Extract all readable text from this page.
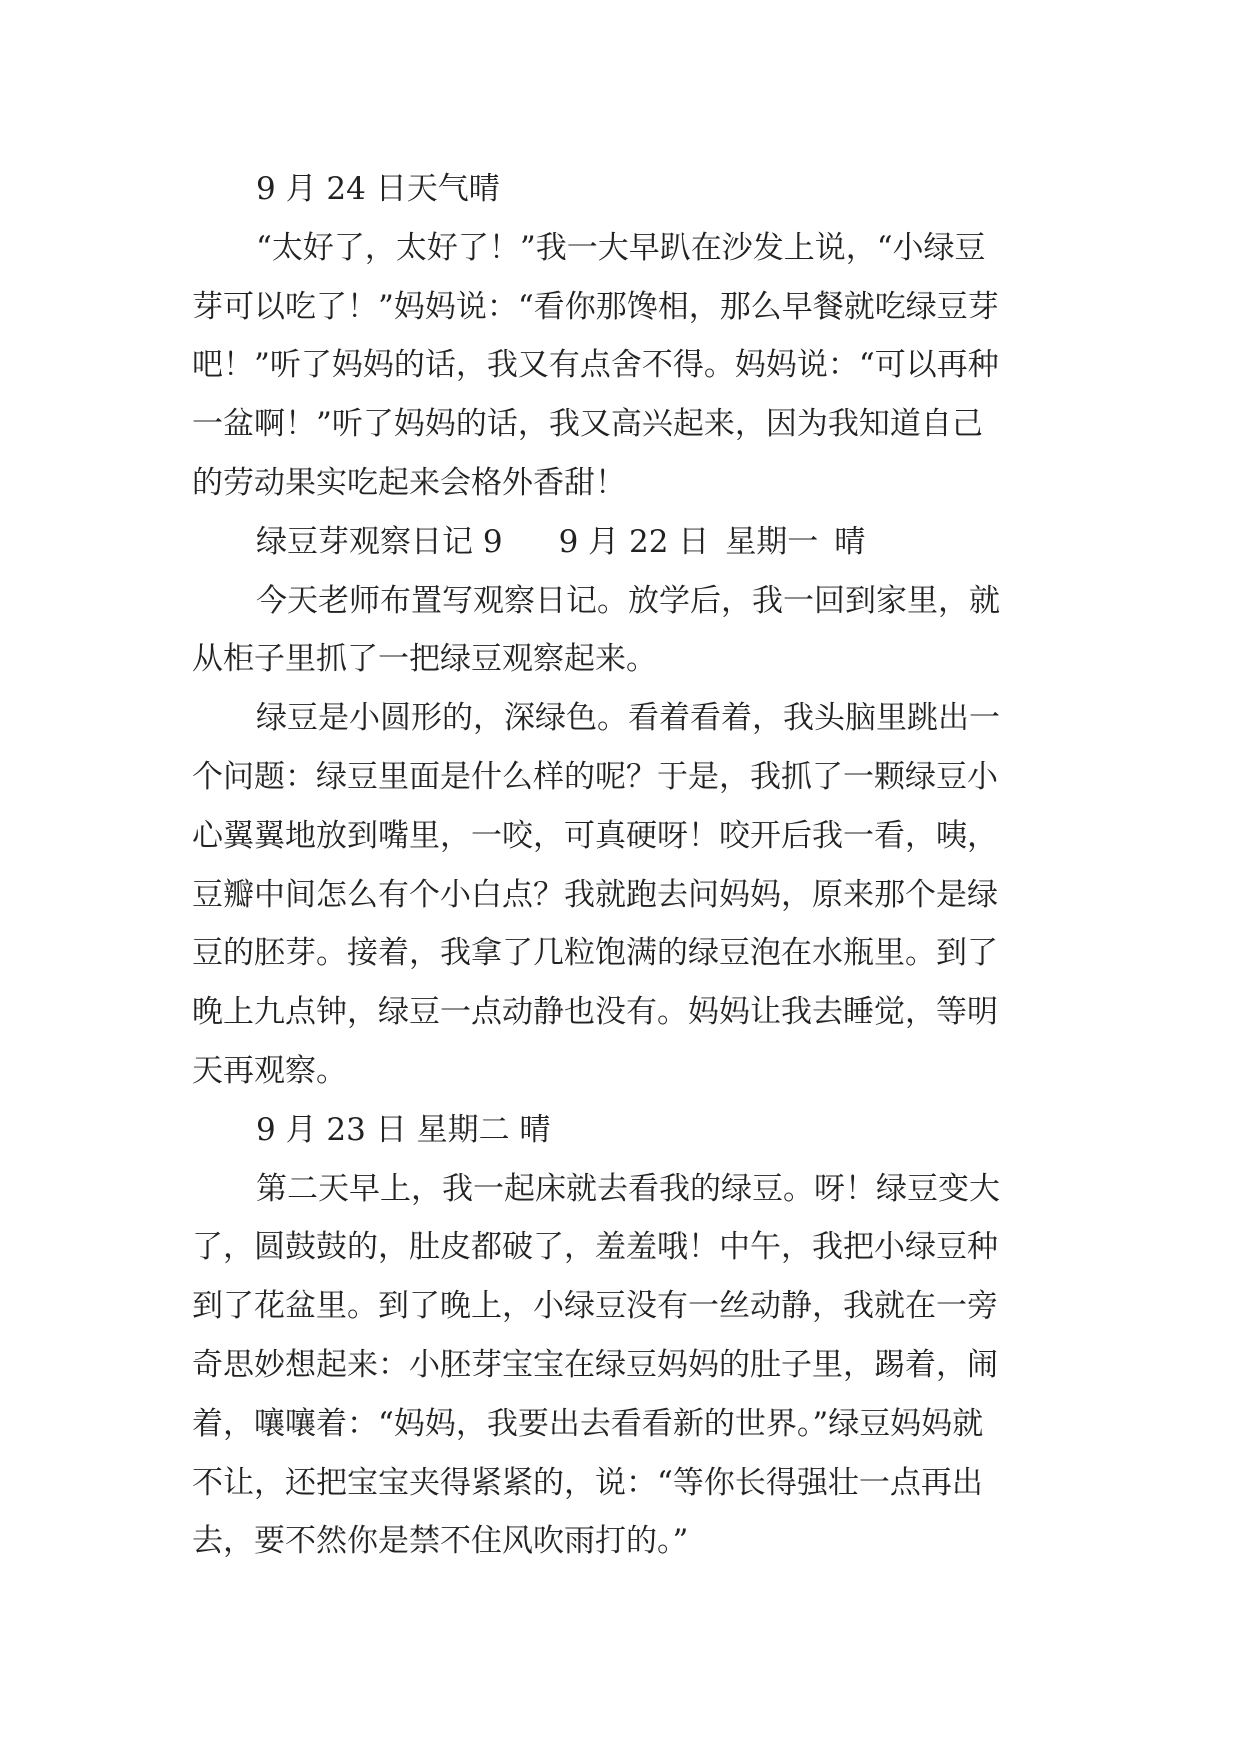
9 月 24 日天气晴

“太好了，太好了！”我一大早趴在沙发上说，“小绿豆

芽可以吃了！”妈妈说：“看你那馋相，那么早餐就吃绿豆芽

吧！”听了妈妈的话，我又有点舍不得。妈妈说：“可以再种

一盆啊！”听了妈妈的话，我又高兴起来，因为我知道自己

的劳动果实吃起来会格外香甜！

绿豆芽观察日记 9 9 月 22 日 星期一 晴

今天老师布置写观察日记。放学后，我一回到家里，就

从柜子里抓了一把绿豆观察起来。

绿豆是小圆形的，深绿色。看着看着，我头脑里跳出一

个问题：绿豆里面是什么样的呢？于是，我抓了一颗绿豆小

心翼翼地放到嘴里，一咬，可真硬呀！咬开后我一看，咦，

豆瓣中间怎么有个小白点？我就跑去问妈妈，原来那个是绿

豆的胚芽。接着，我拿了几粒饱满的绿豆泡在水瓶里。到了

晚上九点钟，绿豆一点动静也没有。妈妈让我去睡觉，等明

天再观察。

9 月 23 日 星期二 晴

第二天早上，我一起床就去看我的绿豆。呀！绿豆变大

了，圆鼓鼓的，肚皮都破了，羞羞哦！中午，我把小绿豆种

到了花盆里。到了晚上，小绿豆没有一丝动静，我就在一旁

奇思妙想起来：小胚芽宝宝在绿豆妈妈的肚子里，踢着，闹

着，嚷嚷着：“妈妈，我要出去看看新的世界。”绿豆妈妈就

不让，还把宝宝夹得紧紧的，说：“等你长得强壮一点再出

去，要不然你是禁不住风吹雨打的。”
